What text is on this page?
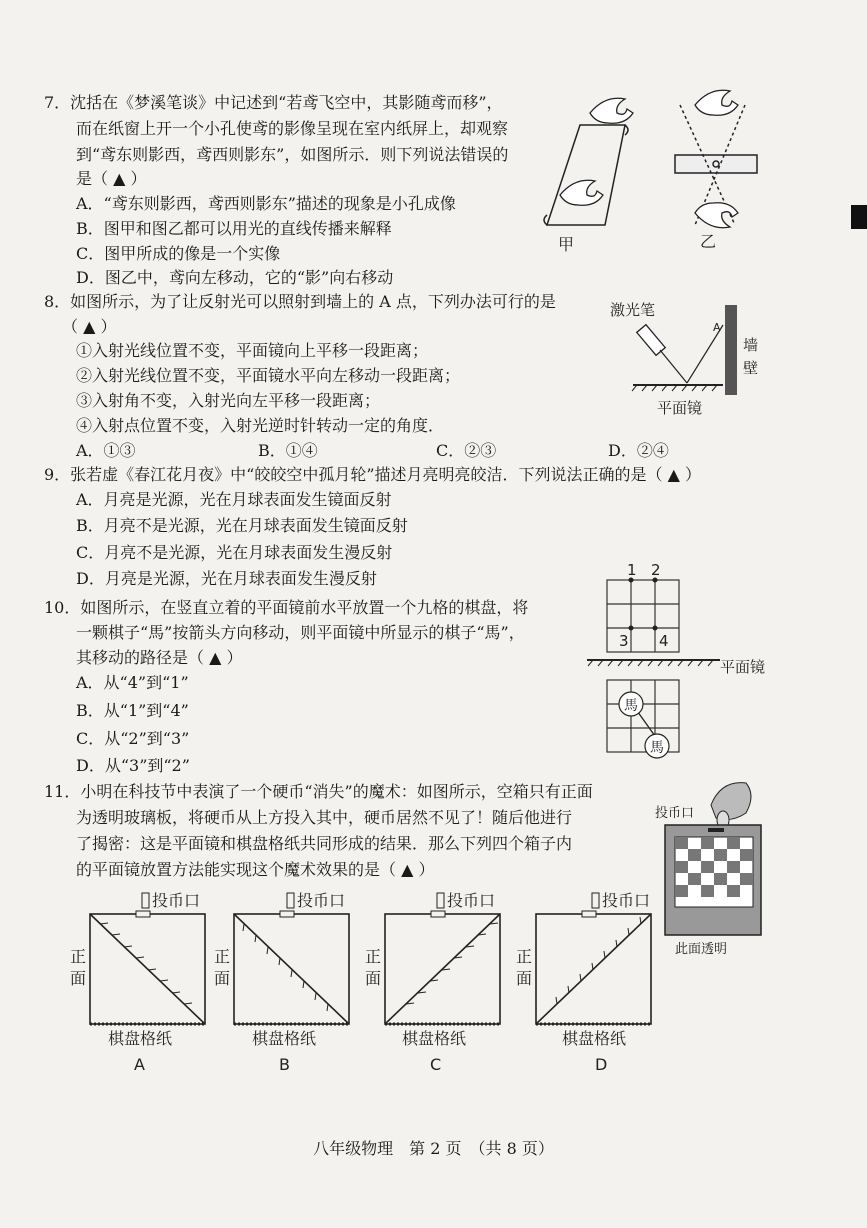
7．沈括在《梦溪笔谈》中记述到“若鸢飞空中，其影随鸢而移”，
而在纸窗上开一个小孔使鸢的影像呈现在室内纸屏上，却观察
到“鸢东则影西，鸢西则影东”，如图所示．则下列说法错误的
是（ ▲ ）
A．“鸢东则影西，鸢西则影东”描述的现象是小孔成像
B．图甲和图乙都可以用光的直线传播来解释
C．图甲所成的像是一个实像
D．图乙中，鸢向左移动，它的“影”向右移动
甲	乙
8．如图所示，为了让反射光可以照射到墙上的 A 点，下列办法可行的是
（ ▲ ）
①入射光线位置不变，平面镜向上平移一段距离；
②入射光线位置不变，平面镜水平向左移动一段距离；
③入射角不变，入射光向左平移一段距离；
④入射点位置不变，入射光逆时针转动一定的角度．
A．①③	B．①④	C．②③	D．②④
激光笔
A
墙
壁
平面镜
9．张若虚《春江花月夜》中“皎皎空中孤月轮”描述月亮明亮皎洁．下列说法正确的是（ ▲ ）
A．月亮是光源，光在月球表面发生镜面反射
B．月亮不是光源，光在月球表面发生镜面反射
C．月亮不是光源，光在月球表面发生漫反射
D．月亮是光源，光在月球表面发生漫反射
10．如图所示，在竖直立着的平面镜前水平放置一个九格的棋盘，将
一颗棋子“馬”按箭头方向移动，则平面镜中所显示的棋子“馬”，
其移动的路径是（ ▲ ）
A．从“4”到“1”
B．从“1”到“4”
C．从“2”到“3”
D．从“3”到“2”
1 2
3 4
平面镜
馬
馬
11．小明在科技节中表演了一个硬币“消失”的魔术：如图所示，空箱只有正面
为透明玻璃板，将硬币从上方投入其中，硬币居然不见了！随后他进行
了揭密：这是平面镜和棋盘格纸共同形成的结果．那么下列四个箱子内
的平面镜放置方法能实现这个魔术效果的是（ ▲ ）
投币口
此面透明
投币口
正
面
棋盘格纸
A
投币口
正
面
棋盘格纸
B
投币口
正
面
棋盘格纸
C
投币口
正
面
棋盘格纸
D
八年级物理　第 2 页　（共 8 页）
